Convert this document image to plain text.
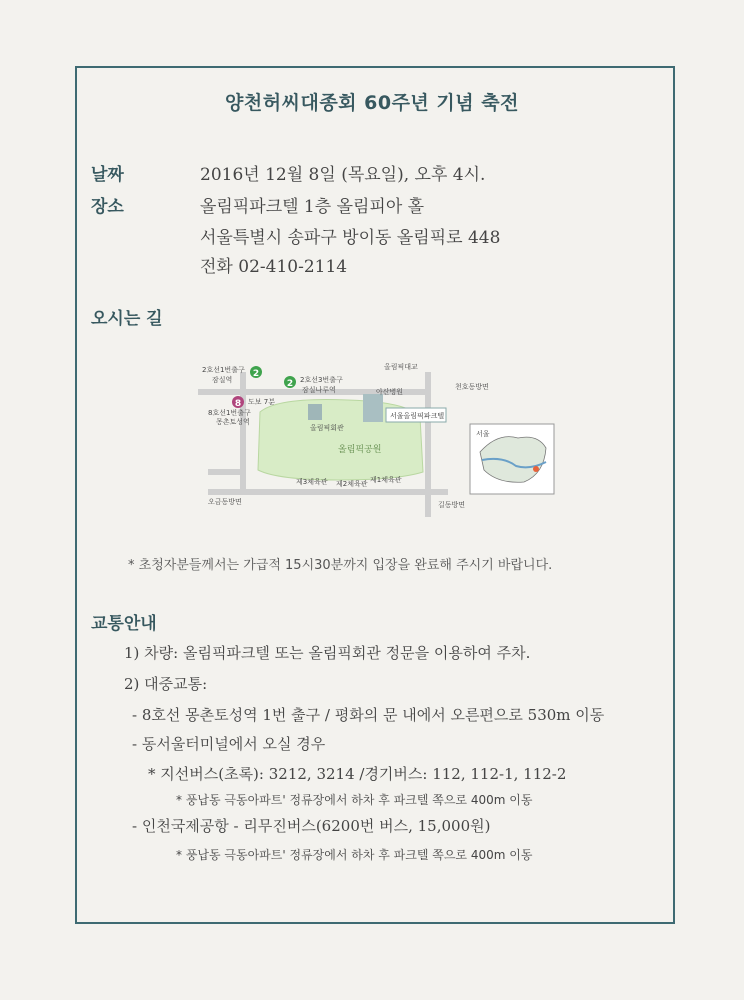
양천허씨대종회 60주년 기념 축전
날짜	2016년 12월 8일 (목요일), 오후 4시.
장소	올림픽파크텔 1층 올림피아 홀
서울특별시 송파구 방이동 올림픽로 448
전화 02-410-2114
오시는 길
2
2
8
2호선1번출구
잠실역	2호선3번출구
잠실나루역
도보 7분
8호선1번출구
몽촌토성역
올림픽대교
아산병원
천호동방면
올림픽회관
서울올림픽파크텔
올림픽공원
제3체육관 제2체육관 제1체육관
오금동방면	길동방면
서울
* 초청자분들께서는 가급적 15시30분까지 입장을 완료해 주시기 바랍니다.
교통안내
1) 차량: 올림픽파크텔 또는 올림픽회관 정문을 이용하여 주차.
2) 대중교통:
- 8호선 몽촌토성역 1번 출구 / 평화의 문 내에서 오른편으로 530m 이동
- 동서울터미널에서 오실 경우
* 지선버스(초록): 3212, 3214 /경기버스: 112, 112-1, 112-2
* 풍납동 극동아파트' 정류장에서 하차 후 파크텔 쪽으로 400m 이동
- 인천국제공항 - 리무진버스(6200번 버스, 15,000원)
* 풍납동 극동아파트' 정류장에서 하차 후 파크텔 쪽으로 400m 이동
